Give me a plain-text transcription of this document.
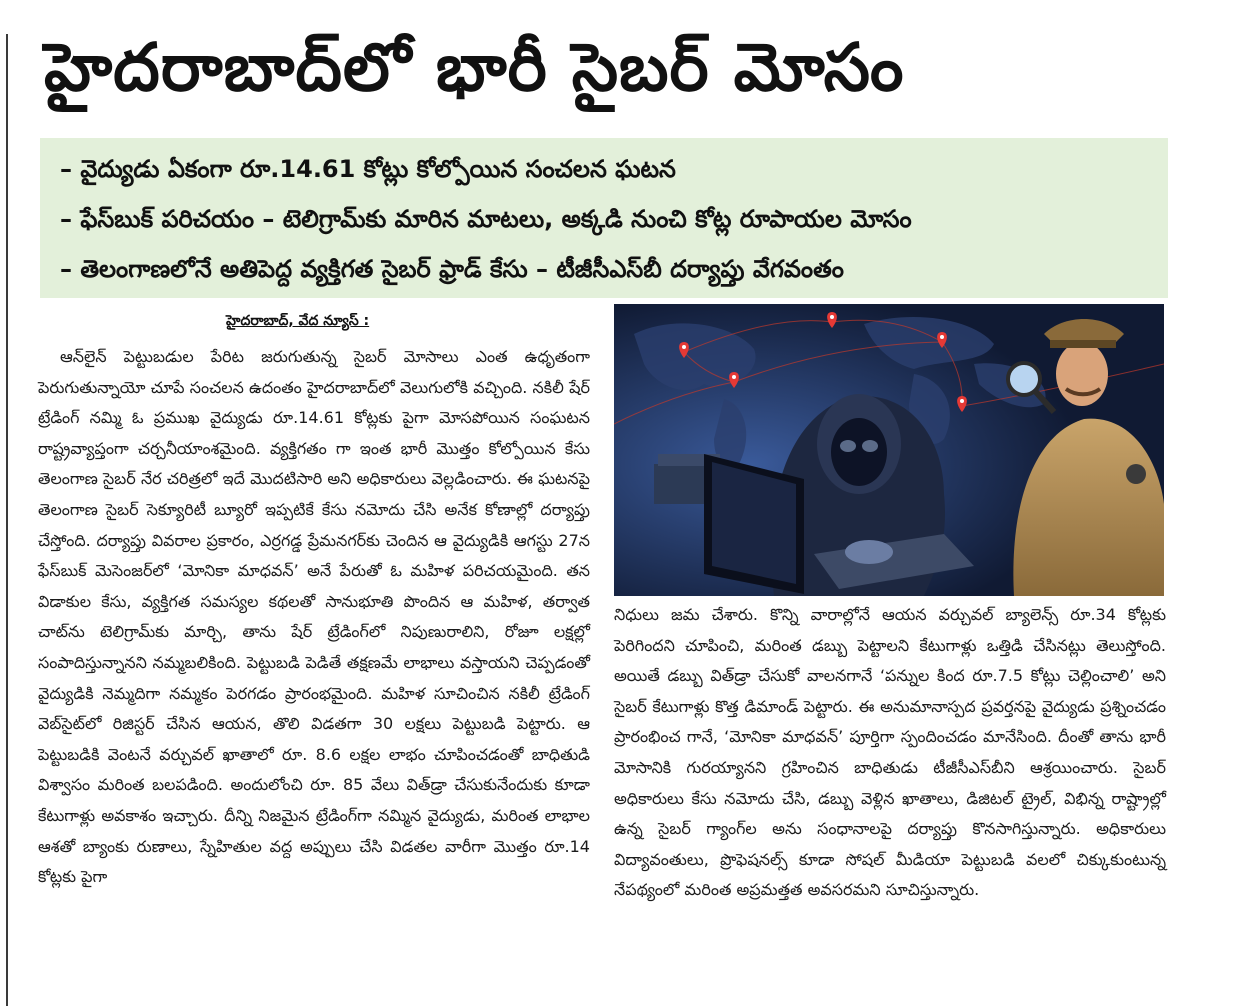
హైదరాబాద్‌లో భారీ సైబర్ మోసం
– వైద్యుడు ఏకంగా రూ.14.61 కోట్లు కోల్పోయిన సంచలన ఘటన
– ఫేస్‌బుక్ పరిచయం – టెలిగ్రామ్‌కు మారిన మాటలు, అక్కడి నుంచి కోట్ల రూపాయల మోసం
– తెలంగాణలోనే అతిపెద్ద వ్యక్తిగత సైబర్ ఫ్రాడ్ కేసు – టీజీసీఎస్‌బీ దర్యాప్తు వేగవంతం
హైదరాబాద్, వేద న్యూస్ :
ఆన్‌లైన్ పెట్టుబడుల పేరిట జరుగుతున్న సైబర్ మోసాలు ఎంత ఉధృతంగా పెరుగుతున్నాయో చూపే సంచలన ఉదంతం హైదరాబాద్‌లో వెలుగులోకి వచ్చింది. నకిలీ షేర్ ట్రేడింగ్ నమ్మి ఓ ప్రముఖ వైద్యుడు రూ.14.61 కోట్లకు పైగా మోసపోయిన సంఘటన రాష్ట్రవ్యాప్తంగా చర్చనీయాంశమైంది. వ్యక్తిగతం గా ఇంత భారీ మొత్తం కోల్పోయిన కేసు తెలంగాణ సైబర్ నేర చరిత్రలో ఇదే మొదటిసారి అని అధికారులు వెల్లడించారు. ఈ ఘటనపై తెలంగాణ సైబర్ సెక్యూరిటీ బ్యూరో ఇప్పటికే కేసు నమోదు చేసి అనేక కోణాల్లో దర్యాప్తు చేస్తోంది. దర్యాప్తు వివరాల ప్రకారం, ఎర్రగడ్డ ప్రేమనగర్‌కు చెందిన ఆ వైద్యుడికి ఆగస్టు 27న ఫేస్‌బుక్ మెసెంజర్‌లో ‘మోనికా మాధవన్’ అనే పేరుతో ఓ మహిళ పరిచయమైంది. తన విడాకుల కేసు, వ్యక్తిగత సమస్యల కథలతో సానుభూతి పొందిన ఆ మహిళ, తర్వాత చాట్‌ను టెలిగ్రామ్‌కు మార్చి, తాను షేర్ ట్రేడింగ్‌లో నిపుణురాలిని, రోజూ లక్షల్లో సంపాదిస్తున్నానని నమ్మబలికింది. పెట్టుబడి పెడితే తక్షణమే లాభాలు వస్తాయని చెప్పడంతో వైద్యుడికి నెమ్మదిగా నమ్మకం పెరగడం ప్రారంభమైంది. మహిళ సూచించిన నకిలీ ట్రేడింగ్ వెబ్‌సైట్‌లో రిజిస్టర్ చేసిన ఆయన, తొలి విడతగా 30 లక్షలు పెట్టుబడి పెట్టారు. ఆ పెట్టుబడికి వెంటనే వర్చువల్ ఖాతాలో రూ. 8.6 లక్షల లాభం చూపించడంతో బాధితుడి విశ్వాసం మరింత బలపడింది. అందులోంచి రూ. 85 వేలు విత్‌డ్రా చేసుకునేందుకు కూడా కేటుగాళ్లు అవకాశం ఇచ్చారు. దీన్ని నిజమైన ట్రేడింగ్‌గా నమ్మిన వైద్యుడు, మరింత లాభాల ఆశతో బ్యాంకు రుణాలు, స్నేహితుల వద్ద అప్పులు చేసి విడతల వారీగా మొత్తం రూ.14 కోట్లకు పైగా
నిధులు జమ చేశారు. కొన్ని వారాల్లోనే ఆయన వర్చువల్ బ్యాలెన్స్ రూ.34 కోట్లకు పెరిగిందని చూపించి, మరింత డబ్బు పెట్టాలని కేటుగాళ్లు ఒత్తిడి చేసినట్లు తెలుస్తోంది. అయితే డబ్బు విత్‌డ్రా చేసుకో వాలనగానే ‘పన్నుల కింద రూ.7.5 కోట్లు చెల్లించాలి’ అని సైబర్ కేటుగాళ్లు కొత్త డిమాండ్ పెట్టారు. ఈ అనుమానాస్పద ప్రవర్తనపై వైద్యుడు ప్రశ్నించడం ప్రారంభించ గానే, ‘మోనికా మాధవన్’ పూర్తిగా స్పందించడం మానేసింది. దీంతో తాను భారీ మోసానికి గురయ్యానని గ్రహించిన బాధితుడు టీజీసీఎస్‌బీని ఆశ్రయించారు. సైబర్ అధికారులు కేసు నమోదు చేసి, డబ్బు వెళ్లిన ఖాతాలు, డిజిటల్ ట్రైల్, విభిన్న రాష్ట్రాల్లో ఉన్న సైబర్ గ్యాంగ్‌ల అను సంధానాలపై దర్యాప్తు కొనసాగిస్తున్నారు. అధికారులు విద్యావంతులు, ప్రొఫెషనల్స్ కూడా సోషల్ మీడియా పెట్టుబడి వలలో చిక్కుకుంటున్న నేపథ్యంలో మరింత అప్రమత్తత అవసరమని సూచిస్తున్నారు.
